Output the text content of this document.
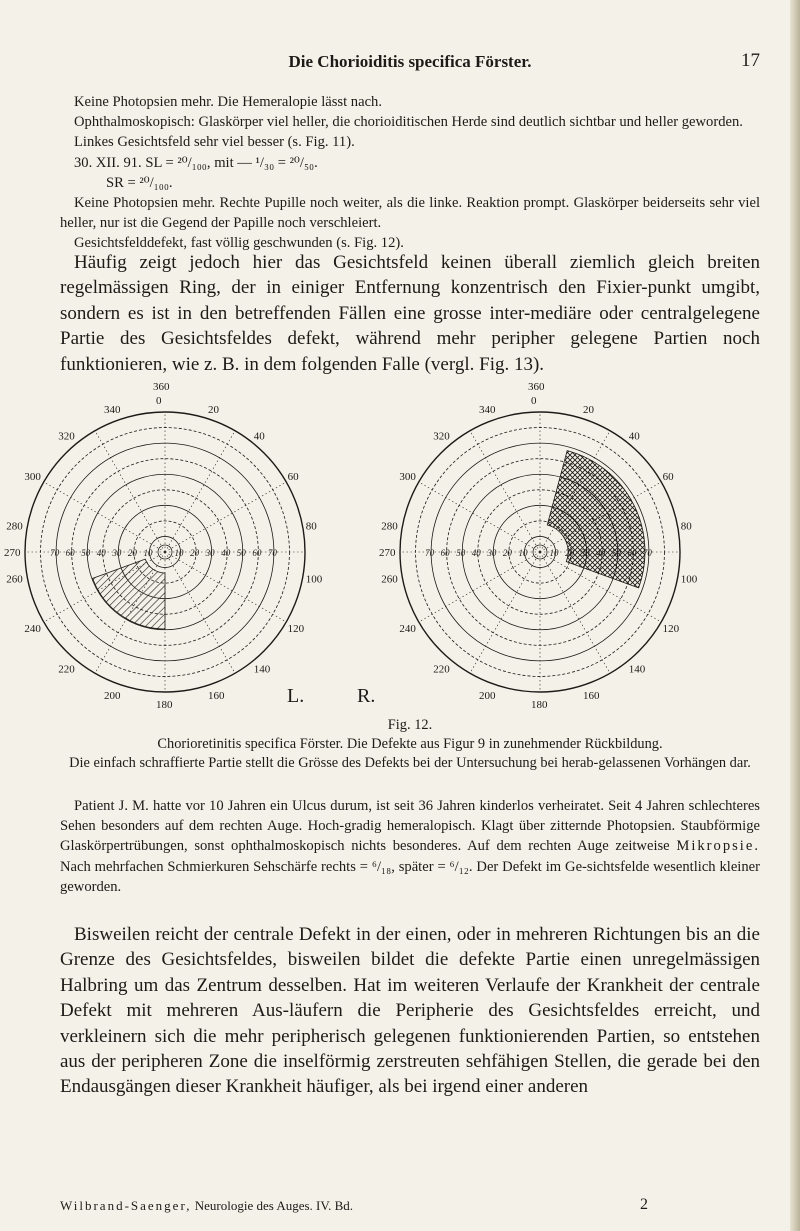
Die Chorioiditis specifica Förster.	17

Keine Photopsien mehr. Die Hemeralopie lässt nach.

Ophthalmoskopisch: Glaskörper viel heller, die chorioiditischen Herde sind deutlich sichtbar und heller geworden.

Linkes Gesichtsfeld sehr viel besser (s. Fig. 11).

30. XII. 91. SL = ²⁰/₁₀₀, mit — ¹/₃₀ = ²⁰/₅₀.

SR = ²⁰/₁₀₀.

Keine Photopsien mehr. Rechte Pupille noch weiter, als die linke. Reaktion prompt. Glaskörper beiderseits sehr viel heller, nur ist die Gegend der Papille noch verschleiert.

Gesichtsfelddefekt, fast völlig geschwunden (s. Fig. 12).

Häufig zeigt jedoch hier das Gesichtsfeld keinen überall ziemlich gleich breiten regelmässigen Ring, der in einiger Entfernung konzentrisch den Fixier-punkt umgibt, sondern es ist in den betreffenden Fällen eine grosse inter-mediäre oder centralgelegene Partie des Gesichtsfeldes defekt, während mehr peripher gelegene Partien noch funktionieren, wie z. B. in dem folgenden Falle (vergl. Fig. 13).

0
20
340
40
320
60
300
280	80
270
260	100
240	120
220	140
200	160
180
360
10
10	20
20	30
30	40
40	50
50	60
60	70
70
0
20
340
40
320
60
300
280	80
270
260	100
240	120
220	140
200	160
180
360
10
10	20
20	30
30	40
40	50
50	60
60	70
70
L.	R.
Fig. 12.
Chorioretinitis specifica Förster. Die Defekte aus Figur 9 in zunehmender Rückbildung.
Die einfach schraffierte Partie stellt die Grösse des Defekts bei der Untersuchung bei herab-gelassenen Vorhängen dar.

Patient J. M. hatte vor 10 Jahren ein Ulcus durum, ist seit 36 Jahren kinderlos verheiratet. Seit 4 Jahren schlechteres Sehen besonders auf dem rechten Auge. Hoch-gradig hemeralopisch. Klagt über zitternde Photopsien. Staubförmige Glaskörpertrübungen, sonst ophthalmoskopisch nichts besonderes. Auf dem rechten Auge zeitweise Mikropsie. Nach mehrfachen Schmierkuren Sehschärfe rechts = ⁶/₁₈, später = ⁶/₁₂. Der Defekt im Ge-sichtsfelde wesentlich kleiner geworden.

Bisweilen reicht der centrale Defekt in der einen, oder in mehreren Richtungen bis an die Grenze des Gesichtsfeldes, bisweilen bildet die defekte Partie einen unregelmässigen Halbring um das Zentrum desselben. Hat im weiteren Verlaufe der Krankheit der centrale Defekt mit mehreren Aus-läufern die Peripherie des Gesichtsfeldes erreicht, und verkleinern sich die mehr peripherisch gelegenen funktionierenden Partien, so entstehen aus der peripheren Zone die inselförmig zerstreuten sehfähigen Stellen, die gerade bei den Endausgängen dieser Krankheit häufiger, als bei irgend einer anderen

Wilbrand-Saenger, Neurologie des Auges. IV. Bd.	2
